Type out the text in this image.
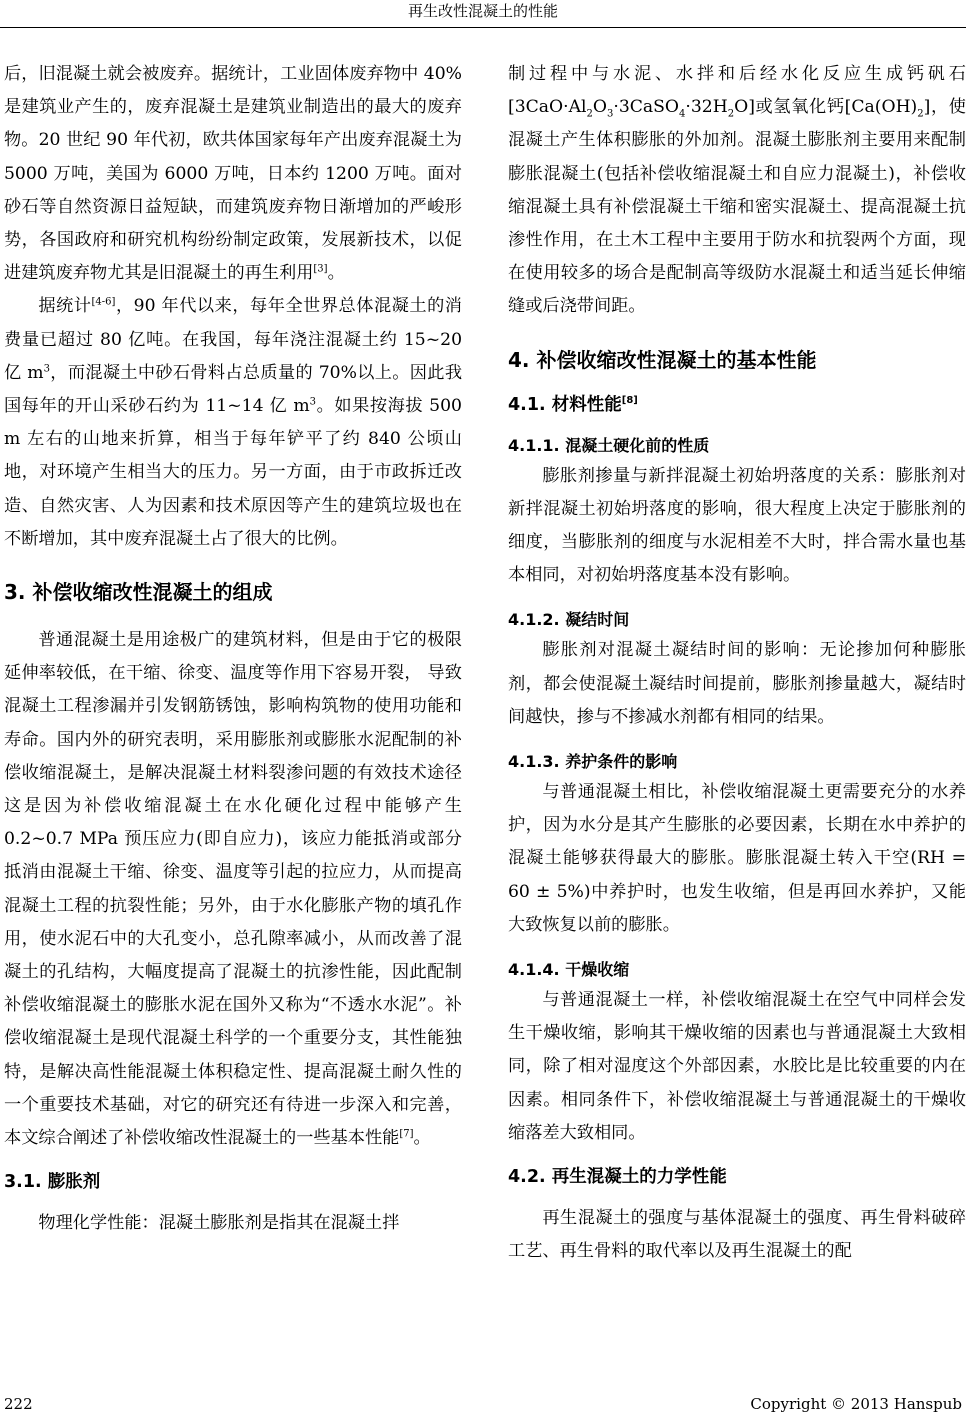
再生改性混凝土的性能

后，旧混凝土就会被废弃。据统计，工业固体废弃物中 40%是建筑业产生的，废弃混凝土是建筑业制造出的最大的废弃物。20 世纪 90 年代初，欧共体国家每年产出废弃混凝土为 5000 万吨，美国为 6000 万吨，日本约 1200 万吨。面对砂石等自然资源日益短缺，而建筑废弃物日渐增加的严峻形势，各国政府和研究机构纷纷制定政策，发展新技术，以促进建筑废弃物尤其是旧混凝土的再生利用[3]。

据统计[4-6]，90 年代以来，每年全世界总体混凝土的消费量已超过 80 亿吨。在我国，每年浇注混凝土约 15~20 亿 $m^3$，而混凝土中砂石骨料占总质量的 70%以上。因此我国每年的开山采砂石约为 11~14 亿 $m^3$。如果按海拔 500 m 左右的山地来折算，相当于每年铲平了约 840 公顷山地，对环境产生相当大的压力。另一方面，由于市政拆迁改造、自然灾害、人为因素和技术原因等产生的建筑垃圾也在不断增加，其中废弃混凝土占了很大的比例。

3. 补偿收缩改性混凝土的组成

普通混凝土是用途极广的建筑材料，但是由于它的极限延伸率较低，在干缩、徐变、温度等作用下容易开裂， 导致混凝土工程渗漏并引发钢筋锈蚀，影响构筑物的使用功能和寿命。国内外的研究表明，采用膨胀剂或膨胀水泥配制的补偿收缩混凝土，是解决混凝土材料裂渗问题的有效技术途径这是因为补偿收缩混凝土在水化硬化过程中能够产生 0.2~0.7 MPa 预压应力(即自应力)，该应力能抵消或部分抵消由混凝土干缩、徐变、温度等引起的拉应力，从而提高混凝土工程的抗裂性能；另外，由于水化膨胀产物的填孔作用，使水泥石中的大孔变小，总孔隙率减小，从而改善了混凝土的孔结构，大幅度提高了混凝土的抗渗性能，因此配制补偿收缩混凝土的膨胀水泥在国外又称为“不透水水泥”。补偿收缩混凝土是现代混凝土科学的一个重要分支，其性能独特，是解决高性能混凝土体积稳定性、提高混凝土耐久性的一个重要技术基础，对它的研究还有待进一步深入和完善，本文综合阐述了补偿收缩改性混凝土的一些基本性能[7]。

3.1. 膨胀剂

物理化学性能：混凝土膨胀剂是指其在混凝土拌

制过程中与水泥、水拌和后经水化反应生成钙矾石$[3CaO\cdot Al_2O_3\cdot 3CaSO_4\cdot 32H_2O]$或氢氧化钙$[Ca(OH)_2]$，使混凝土产生体积膨胀的外加剂。混凝土膨胀剂主要用来配制膨胀混凝土(包括补偿收缩混凝土和自应力混凝土)，补偿收缩混凝土具有补偿混凝土干缩和密实混凝土、提高混凝土抗渗性作用，在土木工程中主要用于防水和抗裂两个方面，现在使用较多的场合是配制高等级防水混凝土和适当延长伸缩缝或后浇带间距。

4. 补偿收缩改性混凝土的基本性能
4.1. 材料性能[8]
4.1.1. 混凝土硬化前的性质

膨胀剂掺量与新拌混凝土初始坍落度的关系：膨胀剂对新拌混凝土初始坍落度的影响，很大程度上决定于膨胀剂的细度，当膨胀剂的细度与水泥相差不大时，拌合需水量也基本相同，对初始坍落度基本没有影响。

4.1.2. 凝结时间

膨胀剂对混凝土凝结时间的影响：无论掺加何种膨胀剂，都会使混凝土凝结时间提前，膨胀剂掺量越大，凝结时间越快，掺与不掺减水剂都有相同的结果。

4.1.3. 养护条件的影响

与普通混凝土相比，补偿收缩混凝土更需要充分的水养护，因为水分是其产生膨胀的必要因素，长期在水中养护的混凝土能够获得最大的膨胀。膨胀混凝土转入干空(RH = 60 ± 5%)中养护时，也发生收缩，但是再回水养护，又能大致恢复以前的膨胀。

4.1.4. 干燥收缩

与普通混凝土一样，补偿收缩混凝土在空气中同样会发生干燥收缩，影响其干燥收缩的因素也与普通混凝土大致相同，除了相对湿度这个外部因素，水胶比是比较重要的内在因素。相同条件下，补偿收缩混凝土与普通混凝土的干燥收缩落差大致相同。

4.2. 再生混凝土的力学性能

再生混凝土的强度与基体混凝土的强度、再生骨料破碎工艺、再生骨料的取代率以及再生混凝土的配

222	Copyright © 2013 Hanspub
